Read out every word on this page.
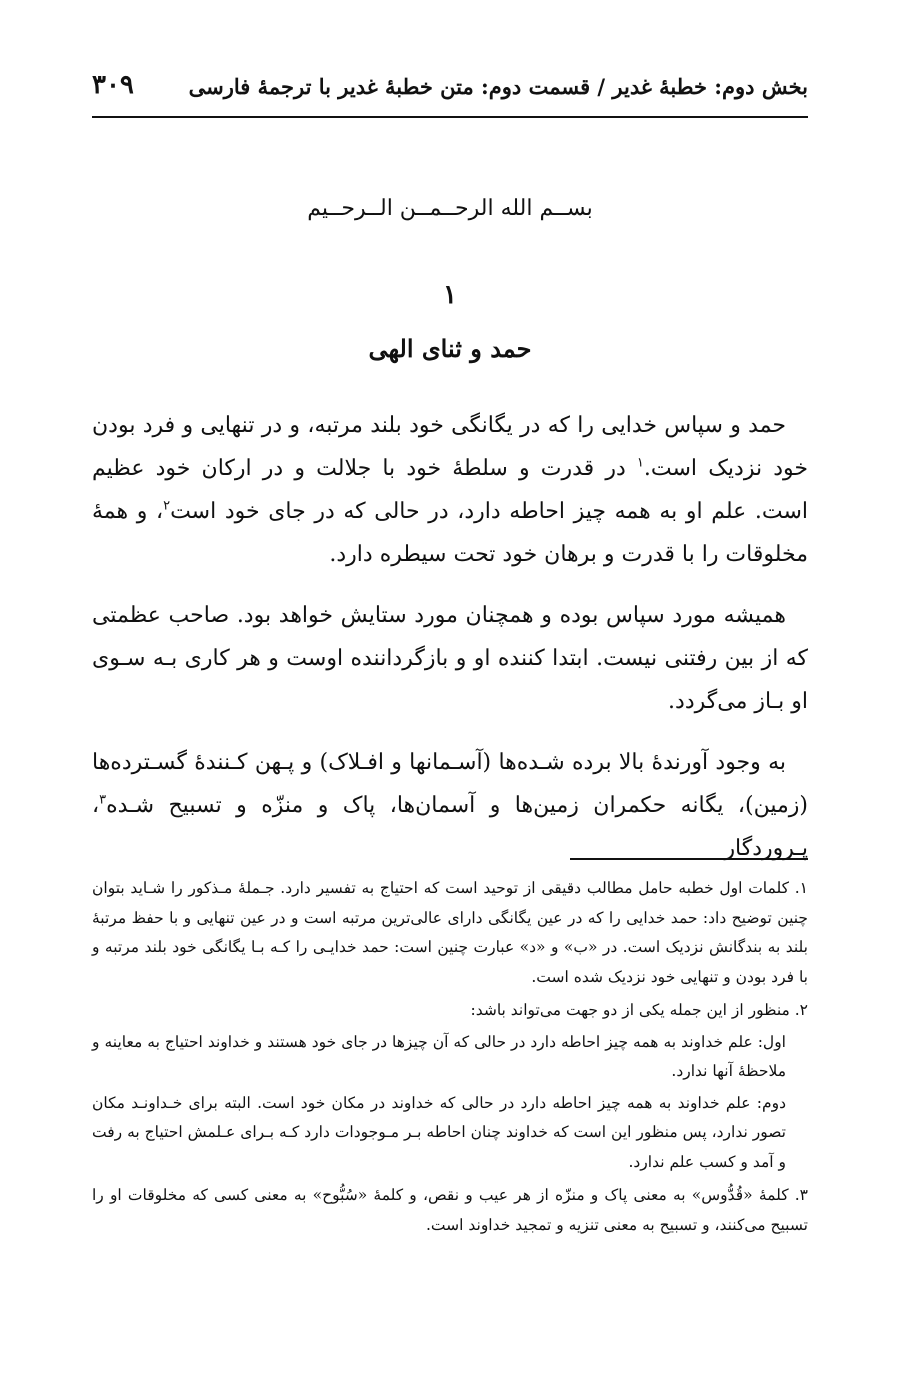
بخش دوم: خطبهٔ غدیر / قسمت دوم: متن خطبهٔ غدیر با ترجمهٔ فارسی
۳۰۹
بســم الله الرحــمــن الــرحــيم
۱
حمد و ثنای الهی

حمد و سپاس خدایی را که در یگانگی خود بلند مرتبه، و در تنهایی و فرد بودن خود نزدیک است.$^۱$ در قدرت و سلطهٔ خود با جلالت و در ارکان خود عظیم است. علم او به همه چیز احاطه دارد، در حالی که در جای خود است$^۲$، و همهٔ مخلوقات را با قدرت و برهان خود تحت سیطره دارد.

همیشه مورد سپاس بوده و همچنان مورد ستایش خواهد بود. صاحب عظمتی که از بین رفتنی نیست. ابتدا کننده او و بازگرداننده اوست و هر کاری بـه سـوی او بـاز می‌گردد.

به وجود آورندهٔ بالا برده شـده‌ها (آسـمانها و افـلاک) و پـهن کـنندهٔ گسـترده‌ها (زمین)، یگانه حکمران زمین‌ها و آسمان‌ها، پاک و منزّه و تسبیح شـده$^۳$، پـروردگار

۱. کلمات اول خطبه حامل مطالب دقیقی از توحید است که احتیاج به تفسیر دارد. جـملهٔ مـذکور را شـاید بتوان چنین توضیح داد: حمد خدایی را که در عین یگانگی دارای عالی‌ترین مرتبه است و در عین تنهایی و با حفظ مرتبهٔ بلند به بندگانش نزدیک است. در «ب» و «د» عبارت چنین است: حمد خدایـی را کـه بـا یگانگی خود بلند مرتبه و با فرد بودن و تنهایی خود نزدیک شده است.
۲. منظور از این جمله یکی از دو جهت می‌تواند باشد:
اول: علم خداوند به همه چیز احاطه دارد در حالی که آن چیزها در جای خود هستند و خداوند احتیاج به معاینه و ملاحظهٔ آنها ندارد.
دوم: علم خداوند به همه چیز احاطه دارد در حالی که خداوند در مکان خود است. البته برای خـداونـد مکان تصور ندارد، پس منظور این است که خداوند چنان احاطه بـر مـوجودات دارد کـه بـرای عـلمش احتیاج به رفت و آمد و کسب علم ندارد.
۳. کلمهٔ «قُدُّوس» به معنی پاک و منزّه از هر عیب و نقص، و کلمهٔ «سُبُّوح» به معنی کسی که مخلوقات او را تسبیح می‌کنند، و تسبیح به معنی تنزیه و تمجید خداوند است.
